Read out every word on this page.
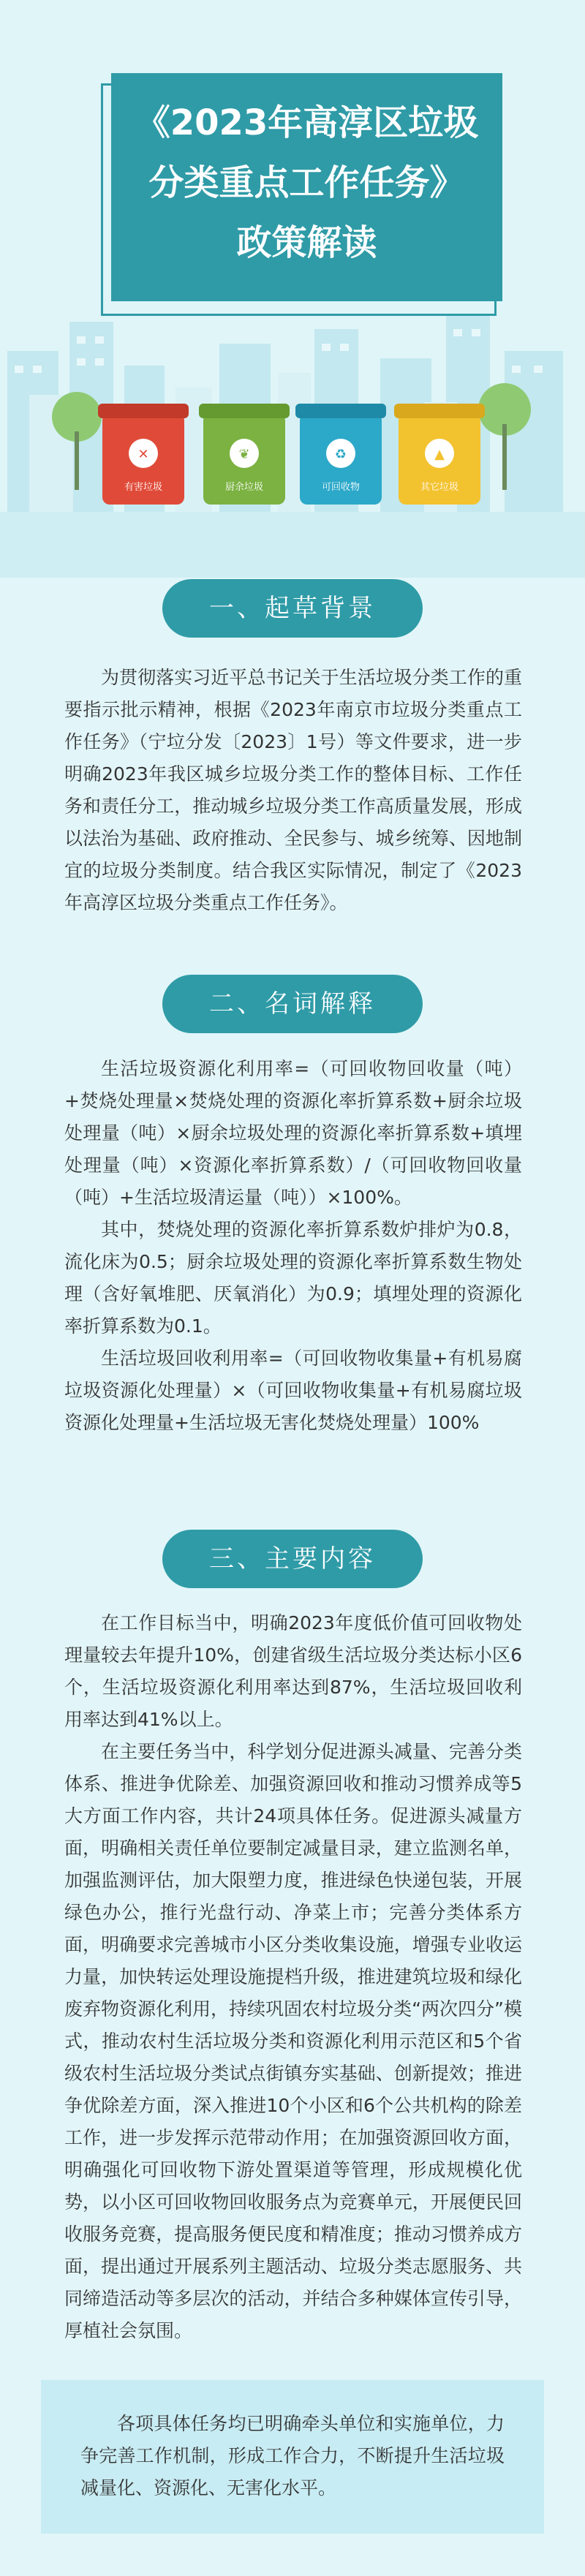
✕
有害垃圾
❦
厨余垃圾
♻
可回收物
▲
其它垃圾
《2023年高淳区垃圾
分类重点工作任务》
政策解读
一、起草背景

为贯彻落实习近平总书记关于生活垃圾分类工作的重要指示批示精神，根据《2023年南京市垃圾分类重点工作任务》（宁垃分发〔2023〕1号）等文件要求，进一步明确2023年我区城乡垃圾分类工作的整体目标、工作任务和责任分工，推动城乡垃圾分类工作高质量发展，形成以法治为基础、政府推动、全民参与、城乡统筹、因地制宜的垃圾分类制度。结合我区实际情况，制定了《2023年高淳区垃圾分类重点工作任务》。

二、名词解释

生活垃圾资源化利用率=（可回收物回收量（吨）+焚烧处理量×焚烧处理的资源化率折算系数+厨余垃圾处理量（吨）×厨余垃圾处理的资源化率折算系数+填埋处理量（吨）×资源化率折算系数）/（可回收物回收量（吨）+生活垃圾清运量（吨））×100%。

其中，焚烧处理的资源化率折算系数炉排炉为0.8，流化床为0.5；厨余垃圾处理的资源化率折算系数生物处理（含好氧堆肥、厌氧消化）为0.9；填埋处理的资源化率折算系数为0.1。

生活垃圾回收利用率=（可回收物收集量+有机易腐垃圾资源化处理量）×（可回收物收集量+有机易腐垃圾资源化处理量+生活垃圾无害化焚烧处理量）100%

三、主要内容

在工作目标当中，明确2023年度低价值可回收物处理量较去年提升10%，创建省级生活垃圾分类达标小区6个，生活垃圾资源化利用率达到87%，生活垃圾回收利用率达到41%以上。

在主要任务当中，科学划分促进源头减量、完善分类体系、推进争优除差、加强资源回收和推动习惯养成等5大方面工作内容，共计24项具体任务。促进源头减量方面，明确相关责任单位要制定减量目录，建立监测名单，加强监测评估，加大限塑力度，推进绿色快递包装，开展绿色办公，推行光盘行动、净菜上市；完善分类体系方面，明确要求完善城市小区分类收集设施，增强专业收运力量，加快转运处理设施提档升级，推进建筑垃圾和绿化废弃物资源化利用，持续巩固农村垃圾分类“两次四分”模式，推动农村生活垃圾分类和资源化利用示范区和5个省级农村生活垃圾分类试点街镇夯实基础、创新提效；推进争优除差方面，深入推进10个小区和6个公共机构的除差工作，进一步发挥示范带动作用；在加强资源回收方面，明确强化可回收物下游处置渠道等管理，形成规模化优势，以小区可回收物回收服务点为竞赛单元，开展便民回收服务竞赛，提高服务便民度和精准度；推动习惯养成方面，提出通过开展系列主题活动、垃圾分类志愿服务、共同缔造活动等多层次的活动，并结合多种媒体宣传引导，厚植社会氛围。

各项具体任务均已明确牵头单位和实施单位，力争完善工作机制，形成工作合力，不断提升生活垃圾减量化、资源化、无害化水平。
